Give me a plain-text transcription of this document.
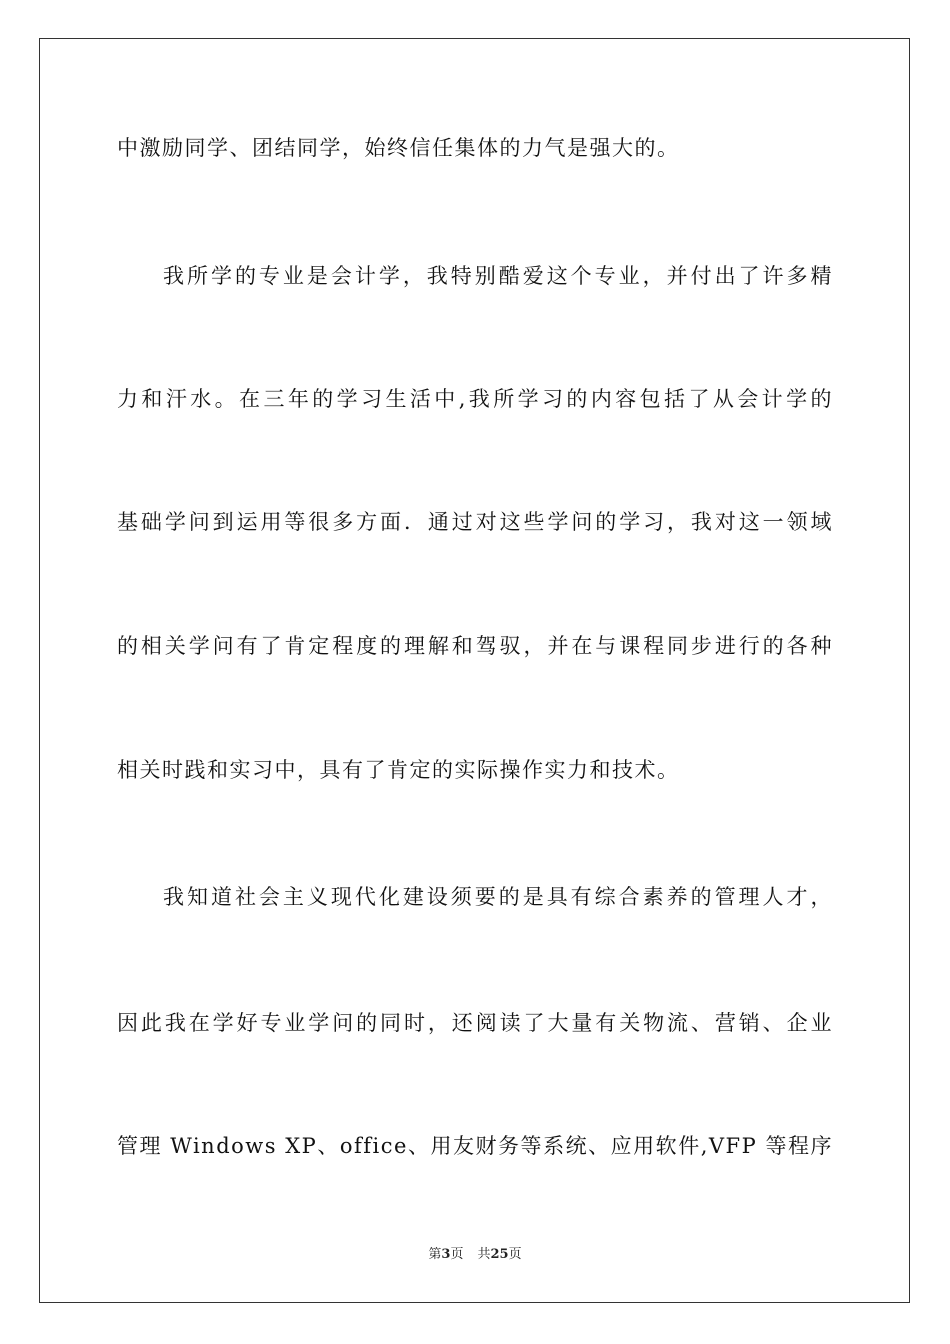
中激励同学、团结同学，始终信任集体的力气是强大的。
我所学的专业是会计学，我特别酷爱这个专业，并付出了许多精
力和汗水。在三年的学习生活中,我所学习的内容包括了从会计学的
基础学问到运用等很多方面．通过对这些学问的学习，我对这一领域
的相关学问有了肯定程度的理解和驾驭，并在与课程同步进行的各种
相关时践和实习中，具有了肯定的实际操作实力和技术。
我知道社会主义现代化建设须要的是具有综合素养的管理人才，
因此我在学好专业学问的同时，还阅读了大量有关物流、营销、企业
管理 Windows XP、office、用友财务等系统、应用软件,VFP 等程序
第3页 共25页
